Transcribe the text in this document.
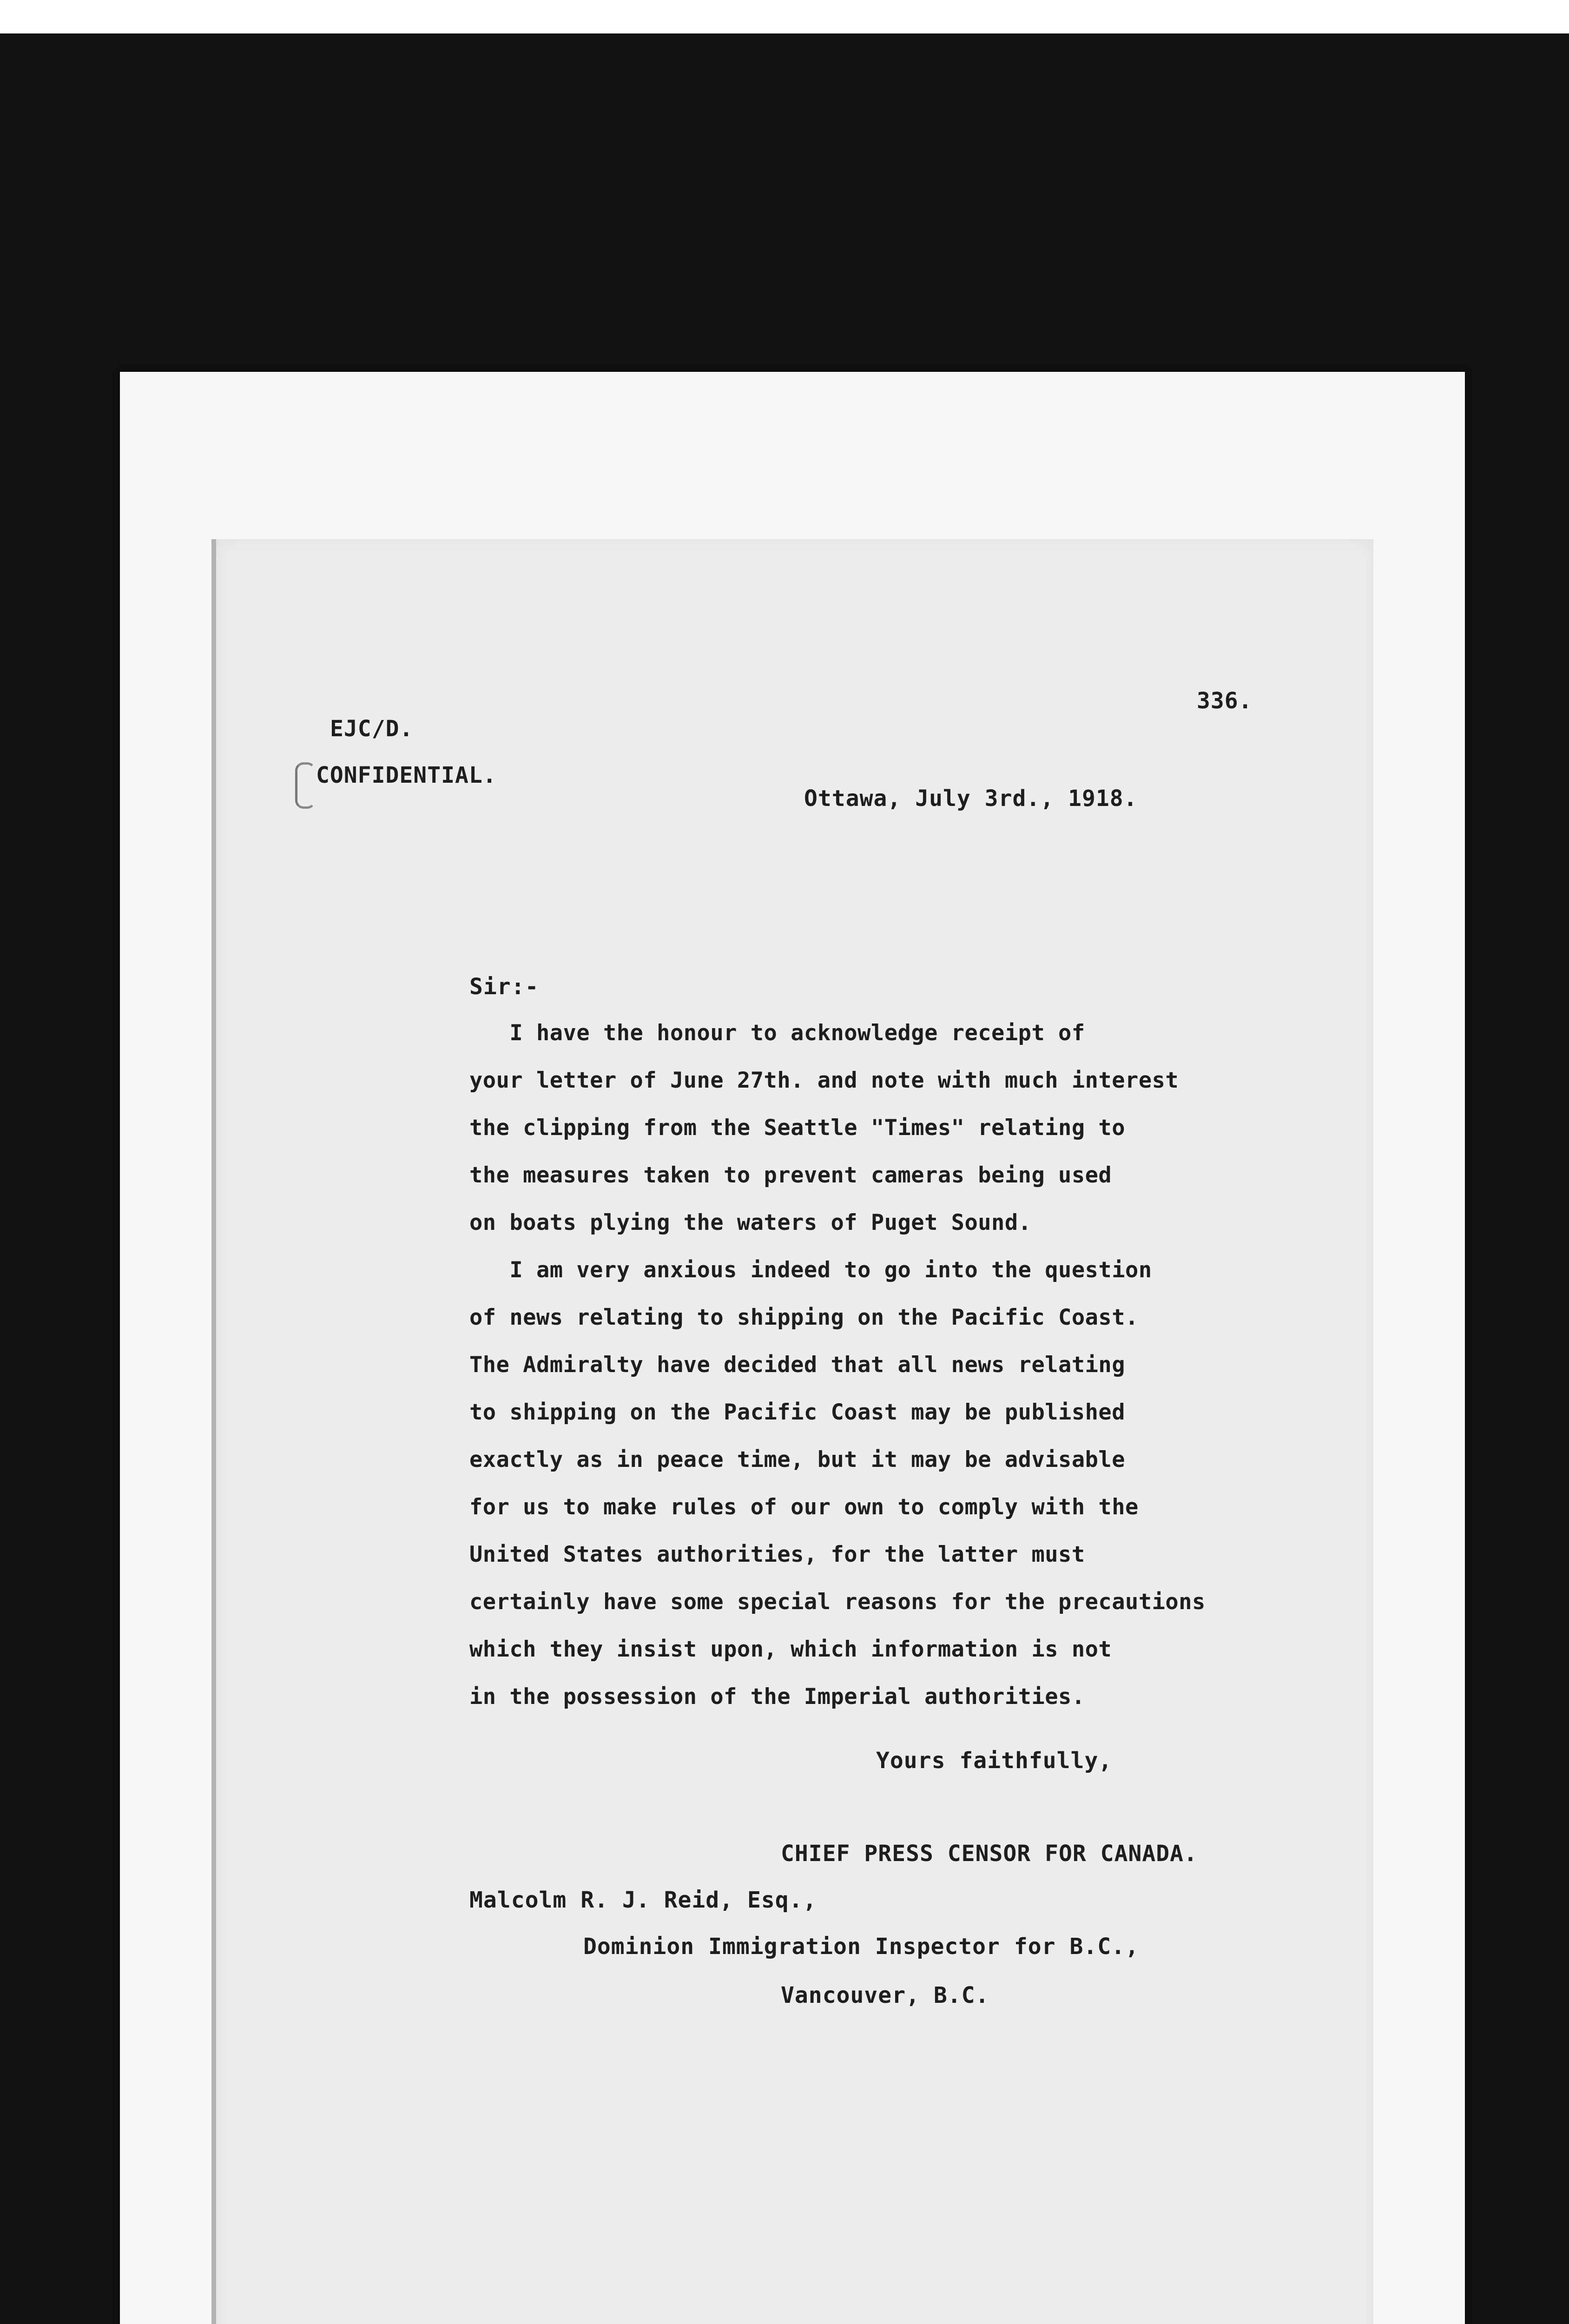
336.
EJC/D.
CONFIDENTIAL.
Ottawa, July 3rd., 1918.
Sir:-
I have the honour to acknowledge receipt of
your letter of June 27th. and note with much interest
the clipping from the Seattle "Times" relating to
the measures taken to prevent cameras being used
on boats plying the waters of Puget Sound.
I am very anxious indeed to go into the question
of news relating to shipping on the Pacific Coast.
The Admiralty have decided that all news relating
to shipping on the Pacific Coast may be published
exactly as in peace time, but it may be advisable
for us to make rules of our own to comply with the
United States authorities, for the latter must
certainly have some special reasons for the precautions
which they insist upon, which information is not
in the possession of the Imperial authorities.
Yours faithfully,
CHIEF PRESS CENSOR FOR CANADA.
Malcolm R. J. Reid, Esq.,
Dominion Immigration Inspector for B.C.,
Vancouver, B.C.
